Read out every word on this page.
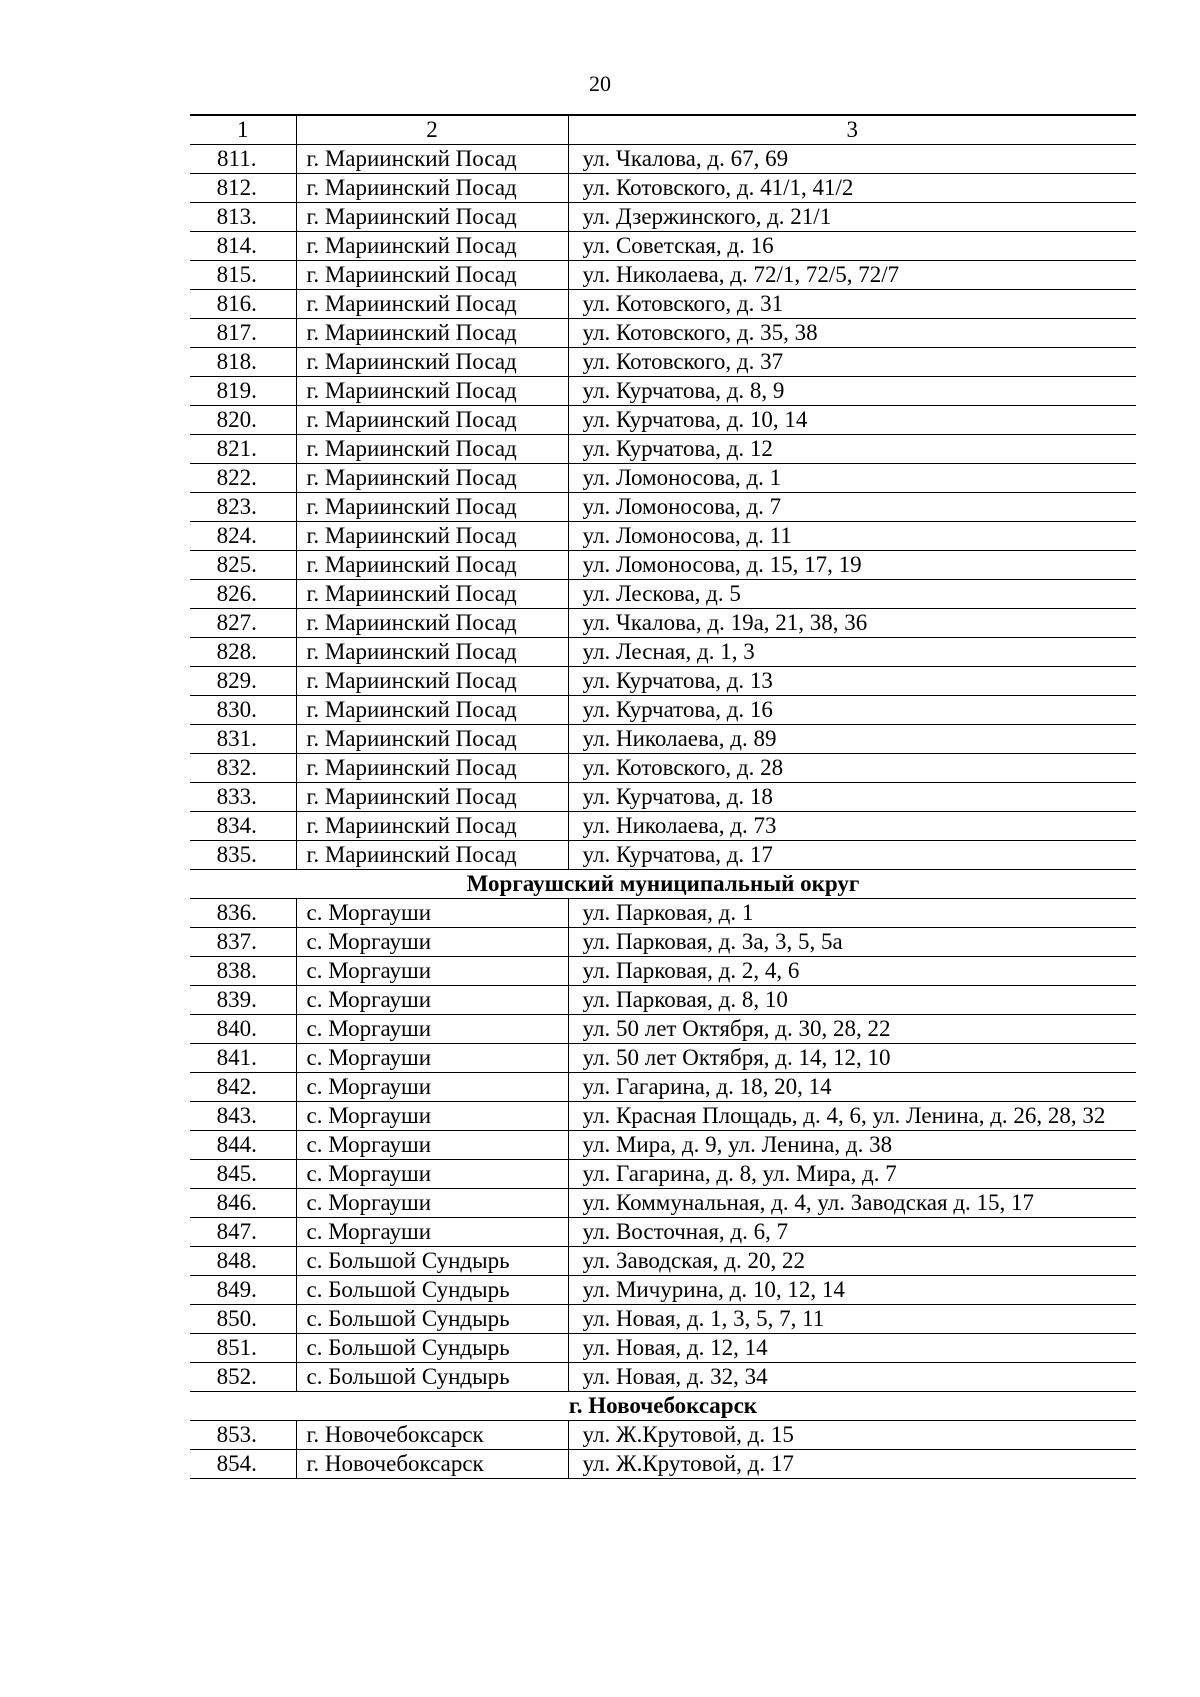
20
1	2	3
811.	г. Мариинский Посад	ул. Чкалова, д. 67, 69
812.	г. Мариинский Посад	ул. Котовского, д. 41/1, 41/2
813.	г. Мариинский Посад	ул. Дзержинского, д. 21/1
814.	г. Мариинский Посад	ул. Советская, д. 16
815.	г. Мариинский Посад	ул. Николаева, д. 72/1, 72/5, 72/7
816.	г. Мариинский Посад	ул. Котовского, д. 31
817.	г. Мариинский Посад	ул. Котовского, д. 35, 38
818.	г. Мариинский Посад	ул. Котовского, д. 37
819.	г. Мариинский Посад	ул. Курчатова, д. 8, 9
820.	г. Мариинский Посад	ул. Курчатова, д. 10, 14
821.	г. Мариинский Посад	ул. Курчатова, д. 12
822.	г. Мариинский Посад	ул. Ломоносова, д. 1
823.	г. Мариинский Посад	ул. Ломоносова, д. 7
824.	г. Мариинский Посад	ул. Ломоносова, д. 11
825.	г. Мариинский Посад	ул. Ломоносова, д. 15, 17, 19
826.	г. Мариинский Посад	ул. Лескова, д. 5
827.	г. Мариинский Посад	ул. Чкалова, д. 19а, 21, 38, 36
828.	г. Мариинский Посад	ул. Лесная, д. 1, 3
829.	г. Мариинский Посад	ул. Курчатова, д. 13
830.	г. Мариинский Посад	ул. Курчатова, д. 16
831.	г. Мариинский Посад	ул. Николаева, д. 89
832.	г. Мариинский Посад	ул. Котовского, д. 28
833.	г. Мариинский Посад	ул. Курчатова, д. 18
834.	г. Мариинский Посад	ул. Николаева, д. 73
835.	г. Мариинский Посад	ул. Курчатова, д. 17
Моргаушский муниципальный округ		
836.	с. Моргауши	ул. Парковая, д. 1
837.	с. Моргауши	ул. Парковая, д. 3а, 3, 5, 5а
838.	с. Моргауши	ул. Парковая, д. 2, 4, 6
839.	с. Моргауши	ул. Парковая, д. 8, 10
840.	с. Моргауши	ул. 50 лет Октября, д. 30, 28, 22
841.	с. Моргауши	ул. 50 лет Октября, д. 14, 12, 10
842.	с. Моргауши	ул. Гагарина, д. 18, 20, 14
843.	с. Моргауши	ул. Красная Площадь, д. 4, 6, ул. Ленина, д. 26, 28, 32
844.	с. Моргауши	ул. Мира, д. 9, ул. Ленина, д. 38
845.	с. Моргауши	ул. Гагарина, д. 8, ул. Мира, д. 7
846.	с. Моргауши	ул. Коммунальная, д. 4, ул. Заводская д. 15, 17
847.	с. Моргауши	ул. Восточная, д. 6, 7
848.	с. Большой Сундырь	ул. Заводская, д. 20, 22
849.	с. Большой Сундырь	ул. Мичурина, д. 10, 12, 14
850.	с. Большой Сундырь	ул. Новая, д. 1, 3, 5, 7, 11
851.	с. Большой Сундырь	ул. Новая, д. 12, 14
852.	с. Большой Сундырь	ул. Новая, д. 32, 34
г. Новочебоксарск		
853.	г. Новочебоксарск	ул. Ж.Крутовой, д. 15
854.	г. Новочебоксарск	ул. Ж.Крутовой, д. 17
